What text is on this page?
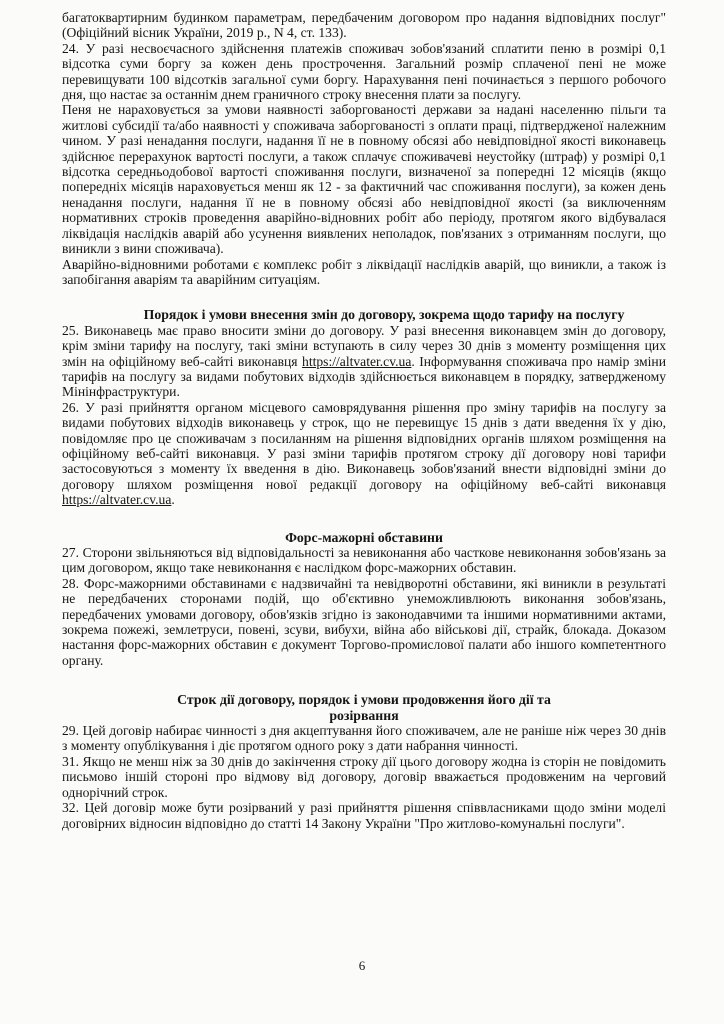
багатоквартирним будинком параметрам, передбаченим договором про надання відповідних послуг" (Офіційний вісник України, 2019 р., N 4, ст. 133).

24. У разі несвоєчасного здійснення платежів споживач зобов'язаний сплатити пеню в розмірі 0,1 відсотка суми боргу за кожен день прострочення. Загальний розмір сплаченої пені не може перевищувати 100 відсотків загальної суми боргу. Нарахування пені починається з першого робочого дня, що настає за останнім днем граничного строку внесення плати за послугу.

Пеня не нараховується за умови наявності заборгованості держави за надані населенню пільги та житлові субсидії та/або наявності у споживача заборгованості з оплати праці, підтвердженої належним чином. У разі ненадання послуги, надання її не в повному обсязі або невідповідної якості виконавець здійснює перерахунок вартості послуги, а також сплачує споживачеві неустойку (штраф) у розмірі 0,1 відсотка середньодобової вартості споживання послуги, визначеної за попередні 12 місяців (якщо попередніх місяців нараховується менш як 12 - за фактичний час споживання послуги), за кожен день ненадання послуги, надання її не в повному обсязі або невідповідної якості (за виключенням нормативних строків проведення аварійно-відновних робіт або періоду, протягом якого відбувалася ліквідація наслідків аварій або усунення виявлених неполадок, пов'язаних з отриманням послуги, що виникли з вини споживача).

Аварійно-відновними роботами є комплекс робіт з ліквідації наслідків аварій, що виникли, а також із запобігання аваріям та аварійним ситуаціям.

Порядок і умови внесення змін до договору, зокрема щодо тарифу на послугу

25. Виконавець має право вносити зміни до договору. У разі внесення виконавцем змін до договору, крім зміни тарифу на послугу, такі зміни вступають в силу через 30 днів з моменту розміщення цих змін на офіційному веб-сайті виконавця https://altvater.cv.ua. Інформування споживача про намір зміни тарифів на послугу за видами побутових відходів здійснюється виконавцем в порядку, затвердженому Мінінфраструктури.

26. У разі прийняття органом місцевого самоврядування рішення про зміну тарифів на послугу за видами побутових відходів виконавець у строк, що не перевищує 15 днів з дати введення їх у дію, повідомляє про це споживачам з посиланням на рішення відповідних органів шляхом розміщення на офіційному веб-сайті виконавця. У разі зміни тарифів протягом строку дії договору нові тарифи застосовуються з моменту їх введення в дію. Виконавець зобов'язаний внести відповідні зміни до договору шляхом розміщення нової редакції договору на офіційному веб-сайті виконавця https://altvater.cv.ua.

Форс-мажорні обставини

27. Сторони звільняються від відповідальності за невиконання або часткове невиконання зобов'язань за цим договором, якщо таке невиконання є наслідком форс-мажорних обставин.

28. Форс-мажорними обставинами є надзвичайні та невідворотні обставини, які виникли в результаті не передбачених сторонами подій, що об'єктивно унеможливлюють виконання зобов'язань, передбачених умовами договору, обов'язків згідно із законодавчими та іншими нормативними актами, зокрема пожежі, землетруси, повені, зсуви, вибухи, війна або військові дії, страйк, блокада. Доказом настання форс-мажорних обставин є документ Торгово-промислової палати або іншого компетентного органу.

Строк дії договору, порядок і умови продовження його дії та
розірвання

29. Цей договір набирає чинності з дня акцептування його споживачем, але не раніше ніж через 30 днів з моменту опублікування і діє протягом одного року з дати набрання чинності.

31. Якщо не менш ніж за 30 днів до закінчення строку дії цього договору жодна із сторін не повідомить письмово іншій стороні про відмову від договору, договір вважається продовженим на черговий однорічний строк.

32. Цей договір може бути розірваний у разі прийняття рішення співвласниками щодо зміни моделі договірних відносин відповідно до статті 14 Закону України "Про житлово-комунальні послуги".

6
